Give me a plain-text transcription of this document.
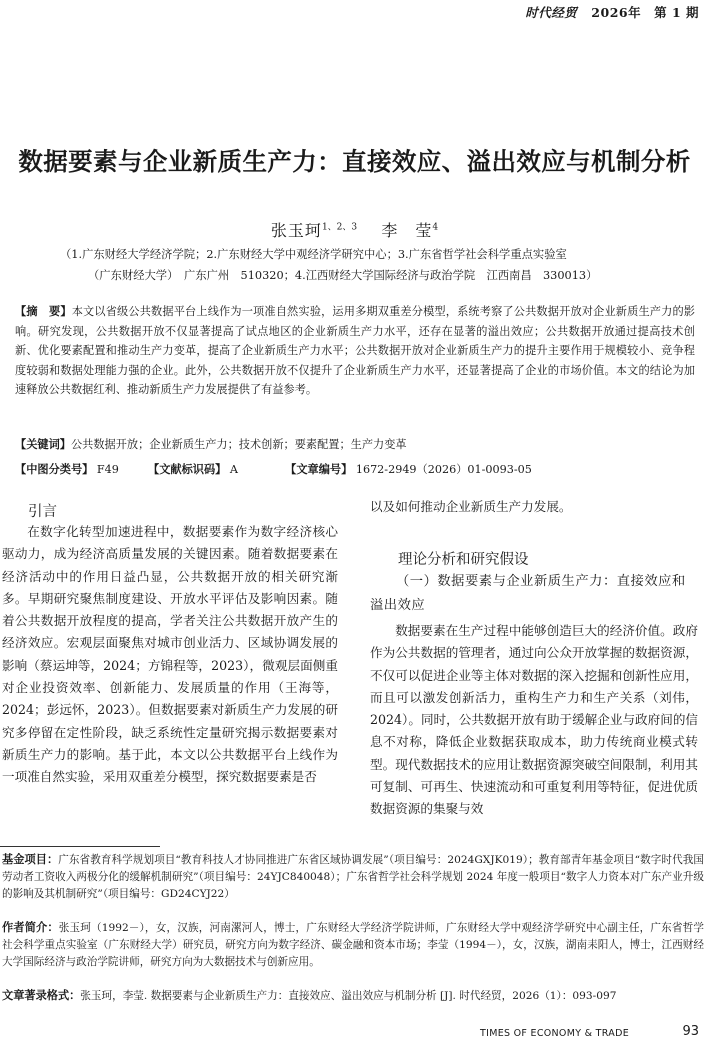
时代经贸 2026年　第 1 期
数据要素与企业新质生产力：直接效应、溢出效应与机制分析
张玉珂$^{1、2、3}$ 李　莹$^4$
（1.广东财经大学经济学院；2.广东财经大学中观经济学研究中心；3.广东省哲学社会科学重点实验室
（广东财经大学）　广东广州　510320；4.江西财经大学国际经济与政治学院　江西南昌　330013）
【摘　要】本文以省级公共数据平台上线作为一项准自然实验，运用多期双重差分模型，系统考察了公共数据开放对企业新质生产力的影响。研究发现，公共数据开放不仅显著提高了试点地区的企业新质生产力水平，还存在显著的溢出效应；公共数据开放通过提高技术创新、优化要素配置和推动生产力变革，提高了企业新质生产力水平；公共数据开放对企业新质生产力的提升主要作用于规模较小、竞争程度较弱和数据处理能力强的企业。此外，公共数据开放不仅提升了企业新质生产力水平，还显著提高了企业的市场价值。本文的结论为加速释放公共数据红利、推动新质生产力发展提供了有益参考。
【关键词】公共数据开放；企业新质生产力；技术创新；要素配置；生产力变革
【中图分类号】 F49	【文献标识码】 A	【文章编号】 1672-2949（2026）01-0093-05
引言

在数字化转型加速进程中，数据要素作为数字经济核心驱动力，成为经济高质量发展的关键因素。随着数据要素在经济活动中的作用日益凸显，公共数据开放的相关研究渐多。早期研究聚焦制度建设、开放水平评估及影响因素。随着公共数据开放程度的提高，学者关注公共数据开放产生的经济效应。宏观层面聚焦对城市创业活力、区域协调发展的影响（蔡运坤等，2024；方锦程等，2023），微观层面侧重对企业投资效率、创新能力、发展质量的作用（王海等，2024；彭远怀，2023）。但数据要素对新质生产力发展的研究多停留在定性阶段，缺乏系统性定量研究揭示数据要素对新质生产力的影响。基于此，本文以公共数据平台上线作为一项准自然实验，采用双重差分模型，探究数据要素是否

以及如何推动企业新质生产力发展。
理论分析和研究假设
（一）数据要素与企业新质生产力：直接效应和溢出效应

数据要素在生产过程中能够创造巨大的经济价值。政府作为公共数据的管理者，通过向公众开放掌握的数据资源，不仅可以促进企业等主体对数据的深入挖掘和创新性应用，而且可以激发创新活力，重构生产力和生产关系（刘伟，2024）。同时，公共数据开放有助于缓解企业与政府间的信息不对称，降低企业数据获取成本，助力传统商业模式转型。现代数据技术的应用让数据资源突破空间限制，利用其可复制、可再生、快速流动和可重复利用等特征，促进优质数据资源的集聚与效

基金项目：广东省教育科学规划项目“教育科技人才协同推进广东省区域协调发展”（项目编号：2024GXJK019）；教育部青年基金项目“数字时代我国劳动者工资收入两极分化的缓解机制研究”（项目编号：24YJC840048）；广东省哲学社会科学规划 2024 年度一般项目“数字人力资本对广东产业升级的影响及其机制研究”（项目编号：GD24CYJ22）
作者简介：张玉珂（1992－），女，汉族，河南漯河人，博士，广东财经大学经济学院讲师，广东财经大学中观经济学研究中心副主任，广东省哲学社会科学重点实验室（广东财经大学）研究员，研究方向为数字经济、碳金融和资本市场；李莹（1994－），女，汉族，湖南耒阳人，博士，江西财经大学国际经济与政治学院讲师，研究方向为大数据技术与创新应用。
文章著录格式：张玉珂，李莹. 数据要素与企业新质生产力：直接效应、溢出效应与机制分析 [J]. 时代经贸，2026（1）：093-097
TIMES OF ECONOMY & TRADE	93
